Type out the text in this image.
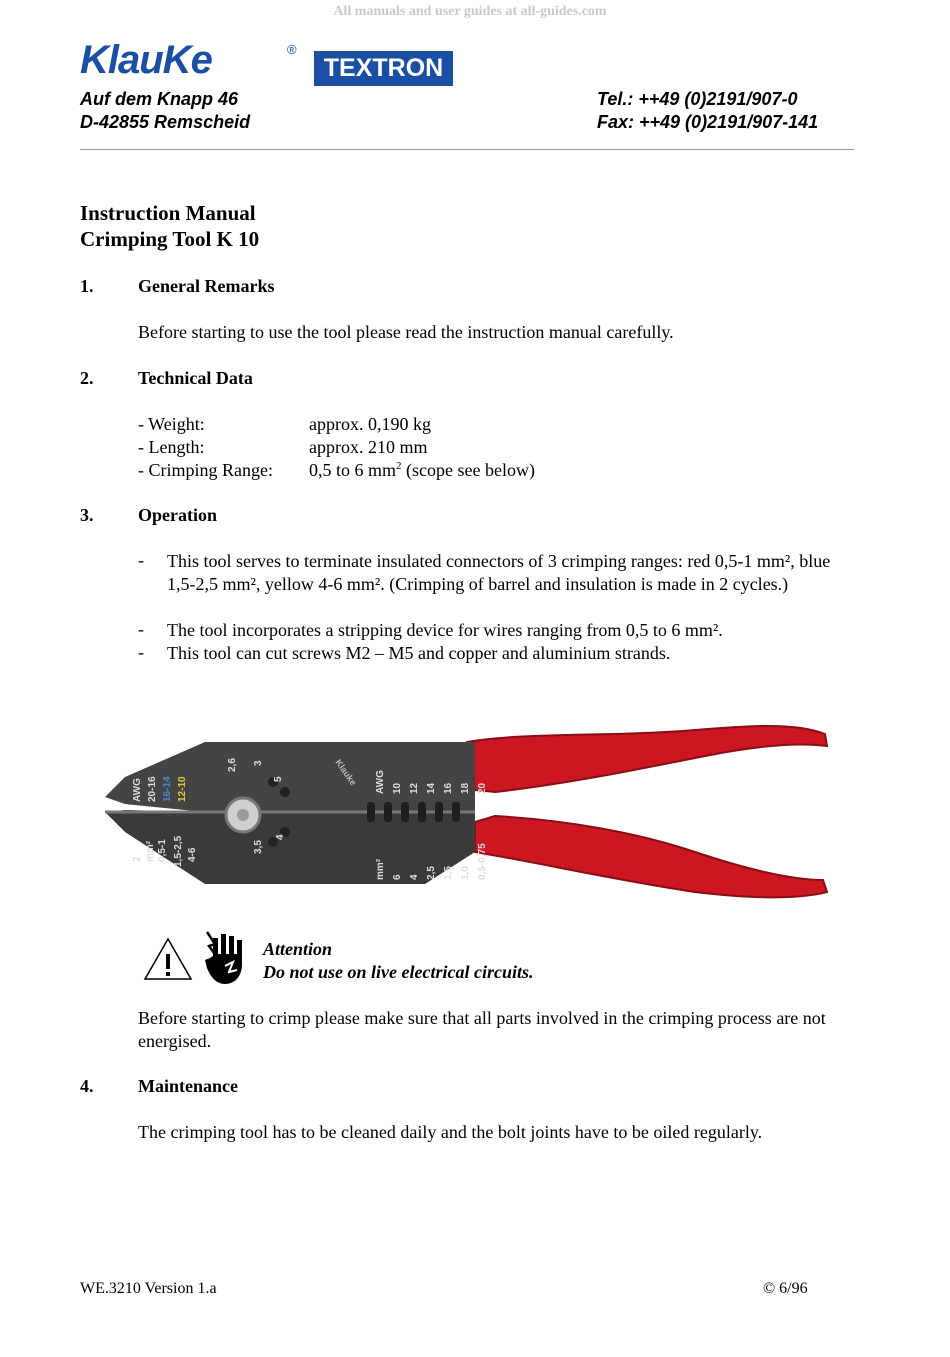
All manuals and user guides at all-guides.com
KlauKe	®
TEXTRON
Auf dem Knapp 46
D-42855 Remscheid
Tel.: ++49 (0)2191/907-0
Fax: ++49 (0)2191/907-141
Instruction Manual
Crimping Tool K 10
1. General Remarks
Before starting to use the tool please read the instruction manual carefully.
2. Technical Data
- Weight:	approx. 0,190 kg
- Length:	approx. 210 mm
- Crimping Range: 0,5 to 6 $mm^2$ (scope see below)
3. Operation
- This tool serves to terminate insulated connectors of 3 crimping ranges: red 0,5-1 mm², blue 1,5-2,5 mm², yellow 4-6 mm². (Crimping of barrel and insulation is made in 2 cycles.)
- The tool incorporates a stripping device for wires ranging from 0,5 to 6 mm².
- This tool can cut screws M2 – M5 and copper and aluminium strands.
AWG 20-16 16-14 12-10
2,6 3
5
2 mm² 0,5-1 1,5-2,5 4-6
3,5
4
AWG 10 12 14 16 18 20
mm² 6 4 2,5 1,5 1,0 0,5-0,75
Klauke
Attention
Do not use on live electrical circuits.
Before starting to crimp please make sure that all parts involved in the crimping process are not energised.
4. Maintenance
The crimping tool has to be cleaned daily and the bolt joints have to be oiled regularly.
WE.3210 Version 1.a	© 6/96
